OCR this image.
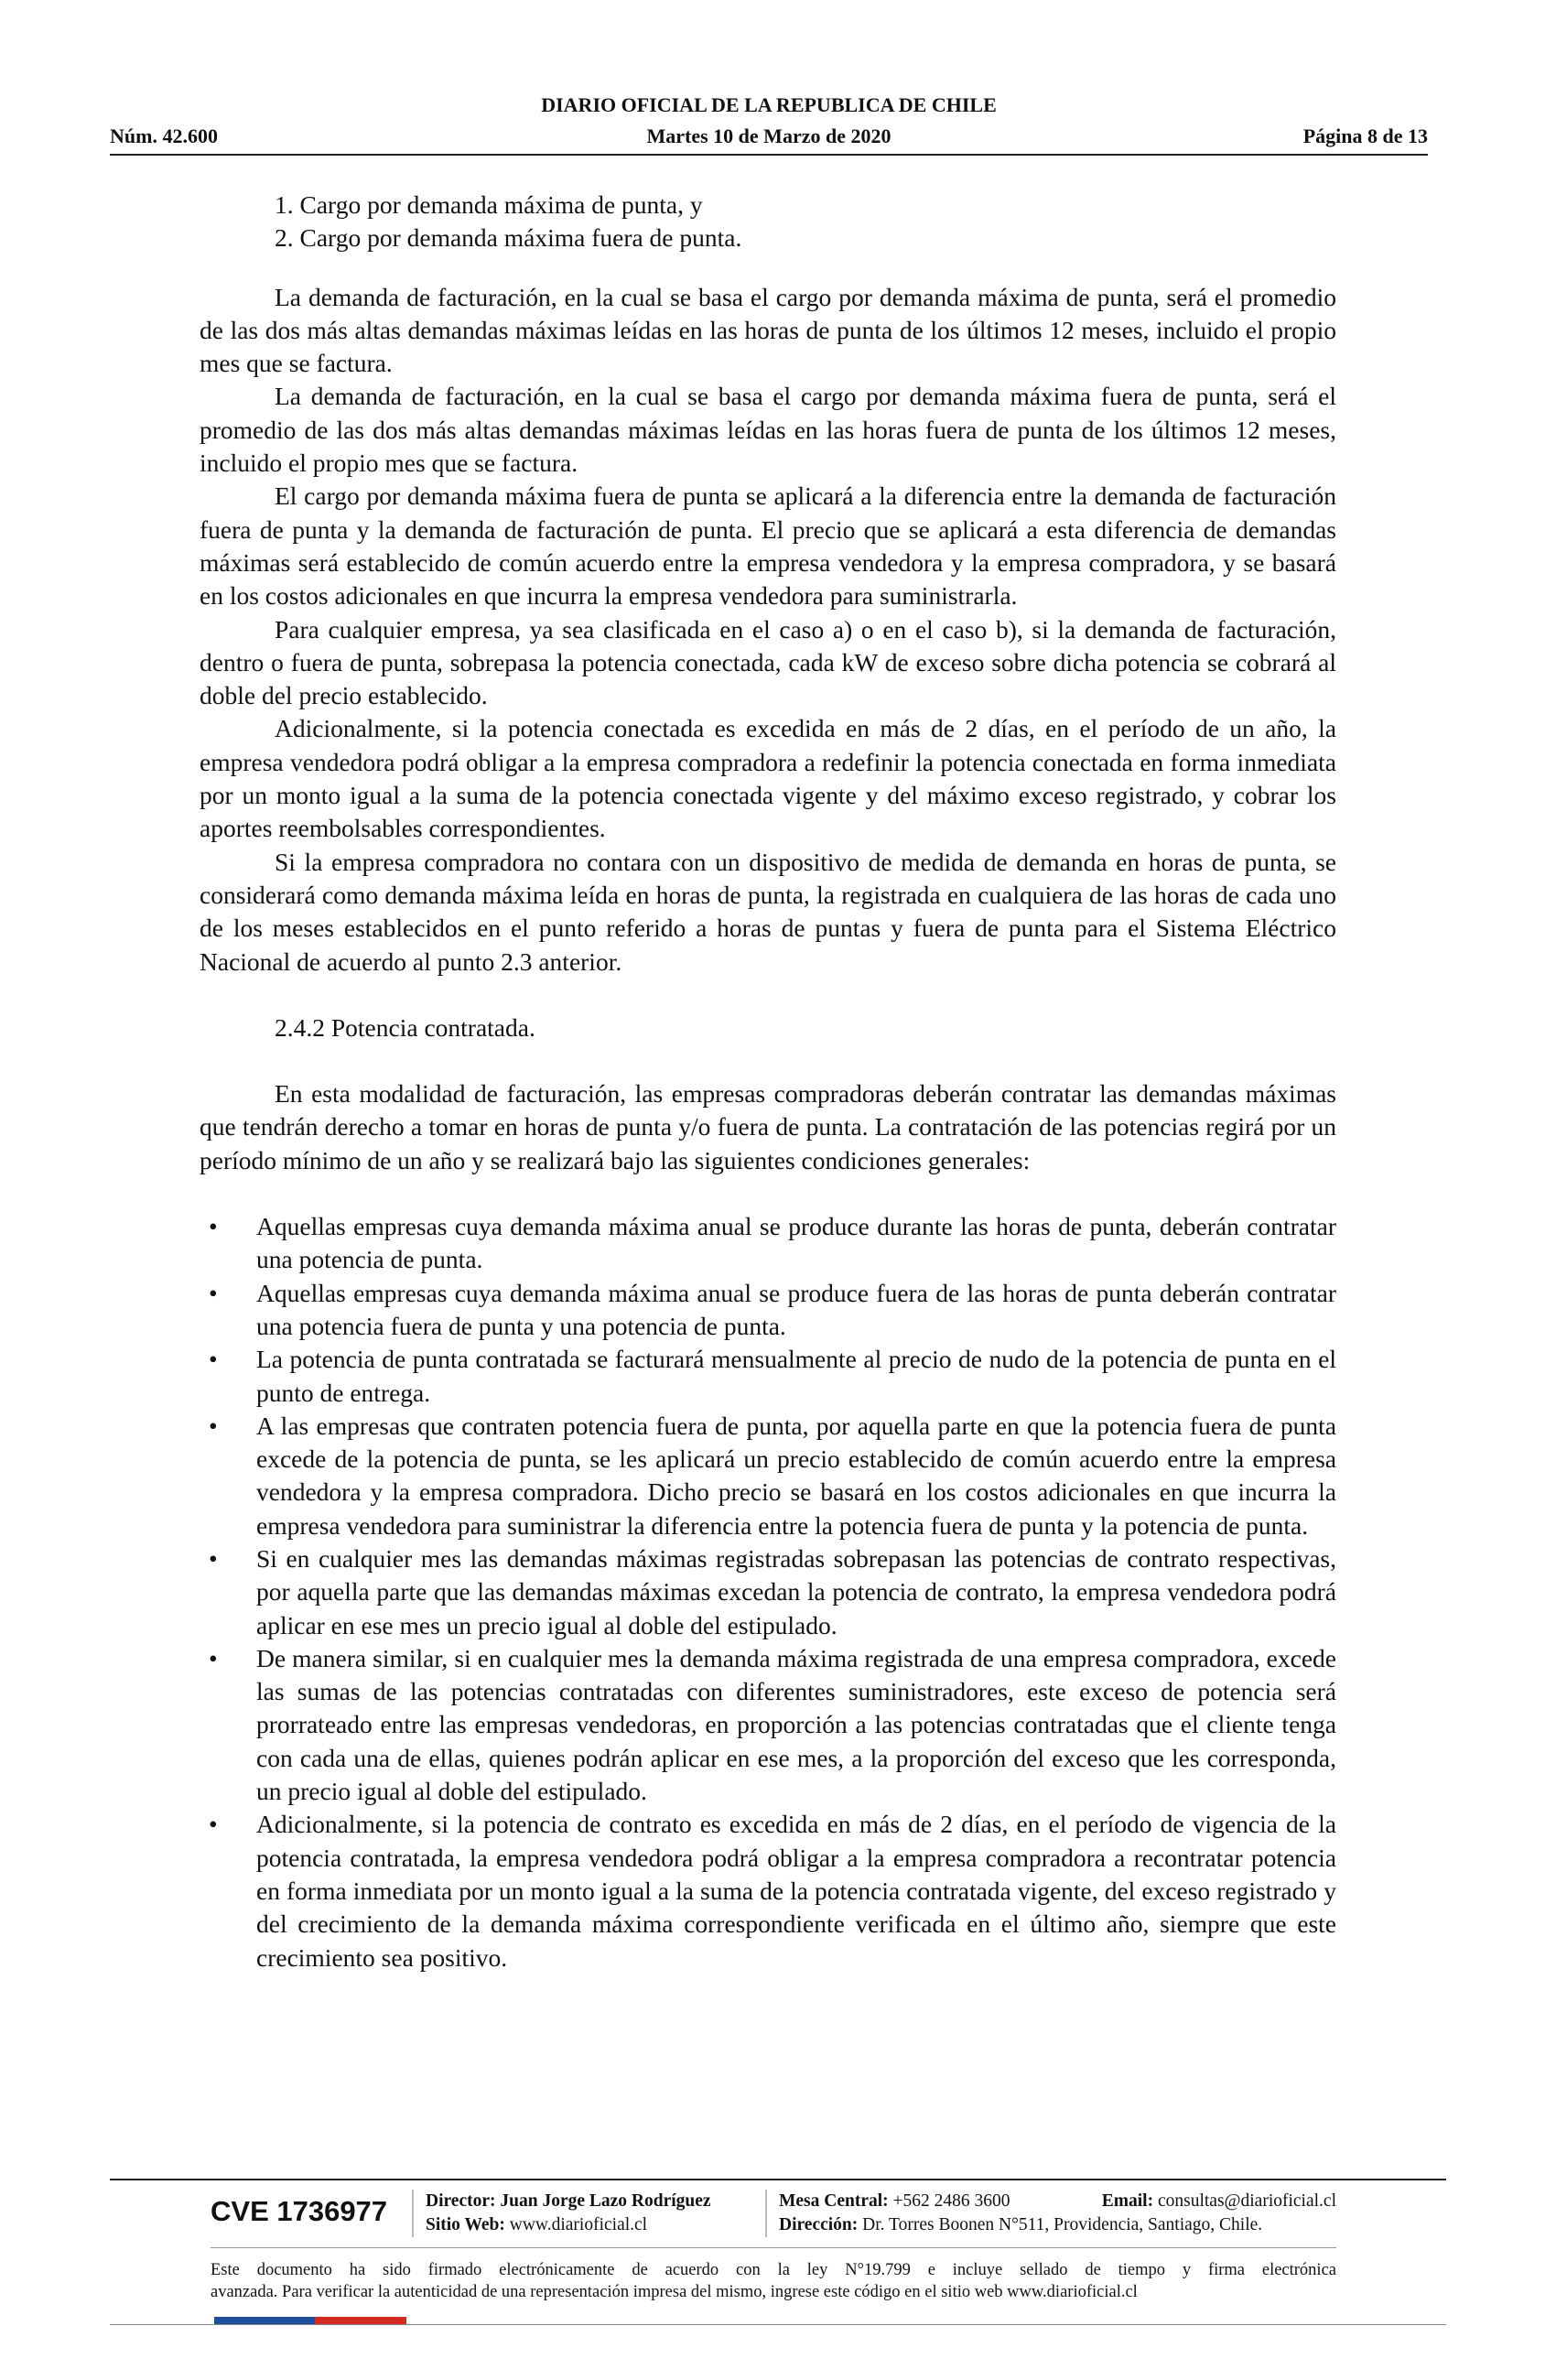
DIARIO OFICIAL DE LA REPUBLICA DE CHILE
Núm. 42.600	Martes 10 de Marzo de 2020	Página 8 de 13

1. Cargo por demanda máxima de punta, y

2. Cargo por demanda máxima fuera de punta.

La demanda de facturación, en la cual se basa el cargo por demanda máxima de punta, será el promedio de las dos más altas demandas máximas leídas en las horas de punta de los últimos 12 meses, incluido el propio mes que se factura.

La demanda de facturación, en la cual se basa el cargo por demanda máxima fuera de punta, será el promedio de las dos más altas demandas máximas leídas en las horas fuera de punta de los últimos 12 meses, incluido el propio mes que se factura.

El cargo por demanda máxima fuera de punta se aplicará a la diferencia entre la demanda de facturación fuera de punta y la demanda de facturación de punta. El precio que se aplicará a esta diferencia de demandas máximas será establecido de común acuerdo entre la empresa vendedora y la empresa compradora, y se basará en los costos adicionales en que incurra la empresa vendedora para suministrarla.

Para cualquier empresa, ya sea clasificada en el caso a) o en el caso b), si la demanda de facturación, dentro o fuera de punta, sobrepasa la potencia conectada, cada kW de exceso sobre dicha potencia se cobrará al doble del precio establecido.

Adicionalmente, si la potencia conectada es excedida en más de 2 días, en el período de un año, la empresa vendedora podrá obligar a la empresa compradora a redefinir la potencia conectada en forma inmediata por un monto igual a la suma de la potencia conectada vigente y del máximo exceso registrado, y cobrar los aportes reembolsables correspondientes.

Si la empresa compradora no contara con un dispositivo de medida de demanda en horas de punta, se considerará como demanda máxima leída en horas de punta, la registrada en cualquiera de las horas de cada uno de los meses establecidos en el punto referido a horas de puntas y fuera de punta para el Sistema Eléctrico Nacional de acuerdo al punto 2.3 anterior.

2.4.2 Potencia contratada.

En esta modalidad de facturación, las empresas compradoras deberán contratar las demandas máximas que tendrán derecho a tomar en horas de punta y/o fuera de punta. La contratación de las potencias regirá por un período mínimo de un año y se realizará bajo las siguientes condiciones generales:

• Aquellas empresas cuya demanda máxima anual se produce durante las horas de punta, deberán contratar una potencia de punta.
• Aquellas empresas cuya demanda máxima anual se produce fuera de las horas de punta deberán contratar una potencia fuera de punta y una potencia de punta.
• La potencia de punta contratada se facturará mensualmente al precio de nudo de la potencia de punta en el punto de entrega.
• A las empresas que contraten potencia fuera de punta, por aquella parte en que la potencia fuera de punta excede de la potencia de punta, se les aplicará un precio establecido de común acuerdo entre la empresa vendedora y la empresa compradora. Dicho precio se basará en los costos adicionales en que incurra la empresa vendedora para suministrar la diferencia entre la potencia fuera de punta y la potencia de punta.
• Si en cualquier mes las demandas máximas registradas sobrepasan las potencias de contrato respectivas, por aquella parte que las demandas máximas excedan la potencia de contrato, la empresa vendedora podrá aplicar en ese mes un precio igual al doble del estipulado.
• De manera similar, si en cualquier mes la demanda máxima registrada de una empresa compradora, excede las sumas de las potencias contratadas con diferentes suministradores, este exceso de potencia será prorrateado entre las empresas vendedoras, en proporción a las potencias contratadas que el cliente tenga con cada una de ellas, quienes podrán aplicar en ese mes, a la proporción del exceso que les corresponda, un precio igual al doble del estipulado.
• Adicionalmente, si la potencia de contrato es excedida en más de 2 días, en el período de vigencia de la potencia contratada, la empresa vendedora podrá obligar a la empresa compradora a recontratar potencia en forma inmediata por un monto igual a la suma de la potencia contratada vigente, del exceso registrado y del crecimiento de la demanda máxima correspondiente verificada en el último año, siempre que este crecimiento sea positivo.
CVE 1736977 Director: Juan Jorge Lazo Rodríguez
Sitio Web: www.diarioficial.cl
Mesa Central: +562 2486 3600	Email: consultas@diarioficial.cl
Dirección: Dr. Torres Boonen N°511, Providencia, Santiago, Chile.
Este documento ha sido firmado electrónicamente de acuerdo con la ley N°19.799 e incluye sellado de tiempo y firma electrónica
avanzada. Para verificar la autenticidad de una representación impresa del mismo, ingrese este código en el sitio web www.diarioficial.cl
